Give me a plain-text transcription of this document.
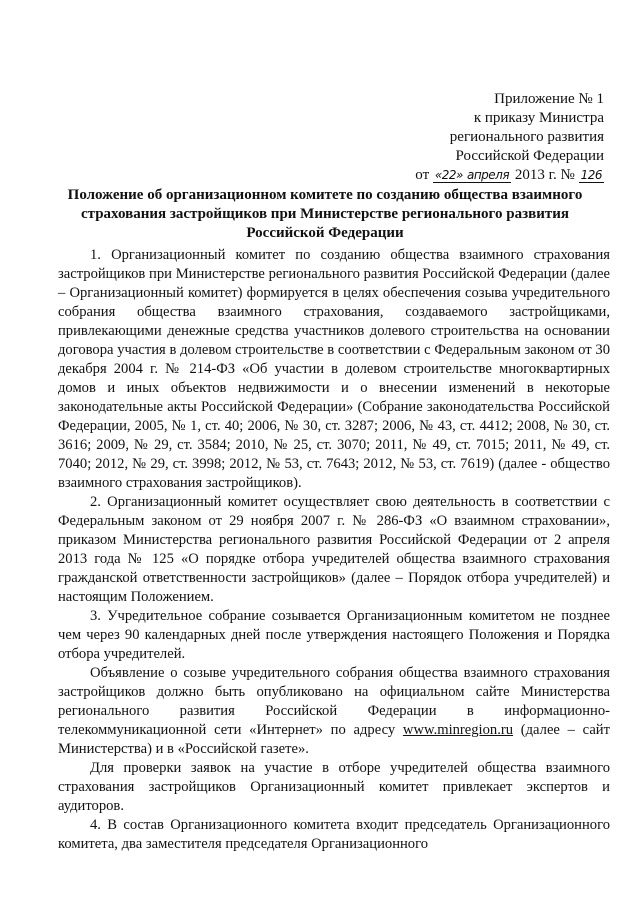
Приложение № 1
к приказу Министра
регионального развития
Российской Федерации
от «22» апреля 2013 г. № 126
Положение об организационном комитете по созданию общества взаимного страхования застройщиков при Министерстве регионального развития Российской Федерации

1. Организационный комитет по созданию общества взаимного страхования застройщиков при Министерстве регионального развития Российской Федерации (далее – Организационный комитет) формируется в целях обеспечения созыва учредительного собрания общества взаимного страхования, создаваемого застройщиками, привлекающими денежные средства участников долевого строительства на основании договора участия в долевом строительстве в соответствии с Федеральным законом от 30 декабря 2004 г. № 214-ФЗ «Об участии в долевом строительстве многоквартирных домов и иных объектов недвижимости и о внесении изменений в некоторые законодательные акты Российской Федерации» (Собрание законодательства Российской Федерации, 2005, № 1, ст. 40; 2006, № 30, ст. 3287; 2006, № 43, ст. 4412; 2008, № 30, ст. 3616; 2009, № 29, ст. 3584; 2010, № 25, ст. 3070; 2011, № 49, ст. 7015; 2011, № 49, ст. 7040; 2012, № 29, ст. 3998; 2012, № 53, ст. 7643; 2012, № 53, ст. 7619) (далее - общество взаимного страхования застройщиков).

2. Организационный комитет осуществляет свою деятельность в соответствии с Федеральным законом от 29 ноября 2007 г. № 286-ФЗ «О взаимном страховании», приказом Министерства регионального развития Российской Федерации от 2 апреля 2013 года № 125 «О порядке отбора учредителей общества взаимного страхования гражданской ответственности застройщиков» (далее – Порядок отбора учредителей) и настоящим Положением.

3. Учредительное собрание созывается Организационным комитетом не позднее чем через 90 календарных дней после утверждения настоящего Положения и Порядка отбора учредителей.

Объявление о созыве учредительного собрания общества взаимного страхования застройщиков должно быть опубликовано на официальном сайте Министерства регионального развития Российской Федерации в информационно-телекоммуникационной сети «Интернет» по адресу www.minregion.ru (далее – сайт Министерства) и в «Российской газете».

Для проверки заявок на участие в отборе учредителей общества взаимного страхования застройщиков Организационный комитет привлекает экспертов и аудиторов.

4. В состав Организационного комитета входит председатель Организационного комитета, два заместителя председателя Организационного
